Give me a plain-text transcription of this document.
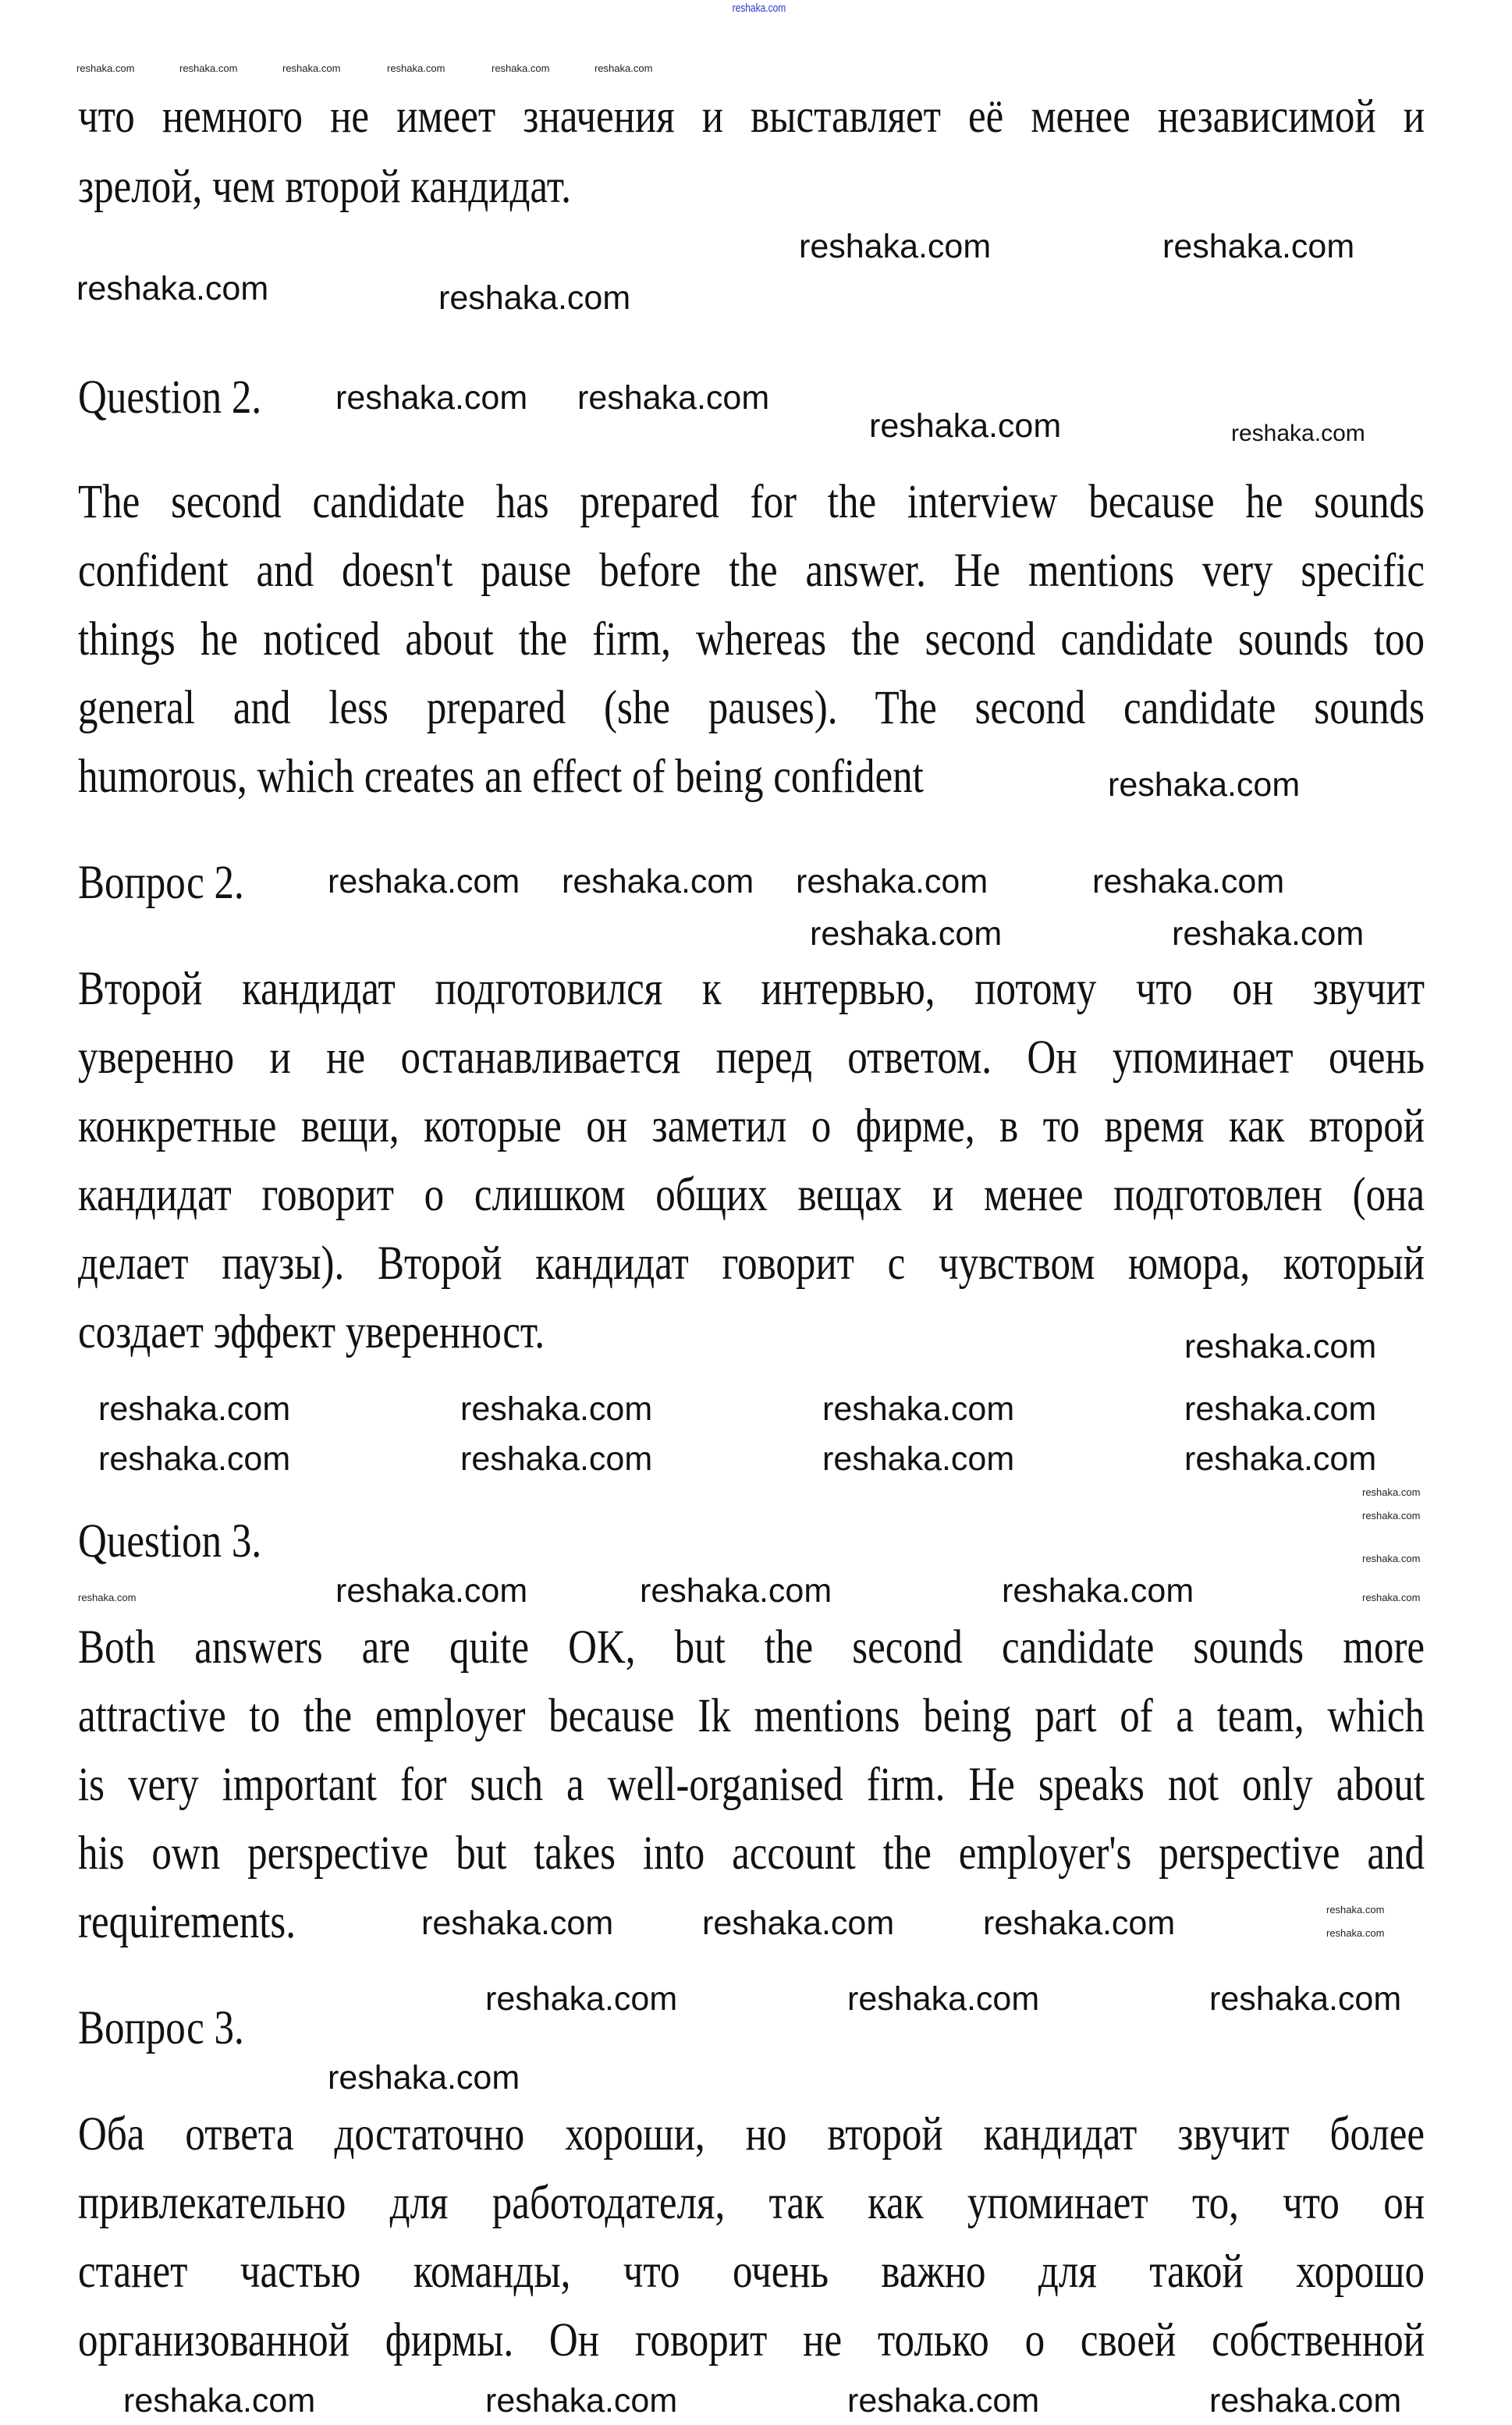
reshaka.com
reshaka.com	reshaka.com	reshaka.com	reshaka.com	reshaka.com	reshaka.com
что немного не имеет значения и выставляет её менее независимой и
зрелой, чем второй кандидат.
reshaka.com	reshaka.com
reshaka.com	reshaka.com
Question 2.
reshaka.com	reshaka.com
reshaka.com reshaka.com
The second candidate has prepared for the interview because he sounds
confident and doesn't pause before the answer. He mentions very specific
things he noticed about the firm, whereas the second candidate sounds too
general and less prepared (she pauses). The second candidate sounds
humorous, which creates an effect of being confident	reshaka.com
Вопрос 2.	reshaka.com reshaka.com reshaka.com	reshaka.com
reshaka.com	reshaka.com
Второй кандидат подготовился к интервью, потому что он звучит
уверенно и не останавливается перед ответом. Он упоминает очень
конкретные вещи, которые он заметил о фирме, в то время как второй
кандидат говорит о слишком общих вещах и менее подготовлен (она
делает паузы). Второй кандидат говорит с чувством юмора, который
создает эффект уверенност.	reshaka.com
reshaka.com	reshaka.com	reshaka.com	reshaka.com
reshaka.com	reshaka.com	reshaka.com	reshaka.com
reshaka.com
reshaka.com
Question 3.	reshaka.com
reshaka.com	reshaka.com	reshaka.com	reshaka.com
reshaka.com
Both answers are quite OK, but the second candidate sounds more
attractive to the employer because Ik mentions being part of a team, which
is very important for such a well-organised firm. He speaks not only about
his own perspective but takes into account the employer's perspective and
requirements.	reshaka.com	reshaka.com	reshaka.com	reshaka.com
reshaka.com
reshaka.com	reshaka.com	reshaka.com
Вопрос 3.
reshaka.com
Оба ответа достаточно хороши, но второй кандидат звучит более
привлекательно для работодателя, так как упоминает то, что он
станет частью команды, что очень важно для такой хорошо
организованной фирмы. Он говорит не только о своей собственной
reshaka.com	reshaka.com	reshaka.com	reshaka.com
